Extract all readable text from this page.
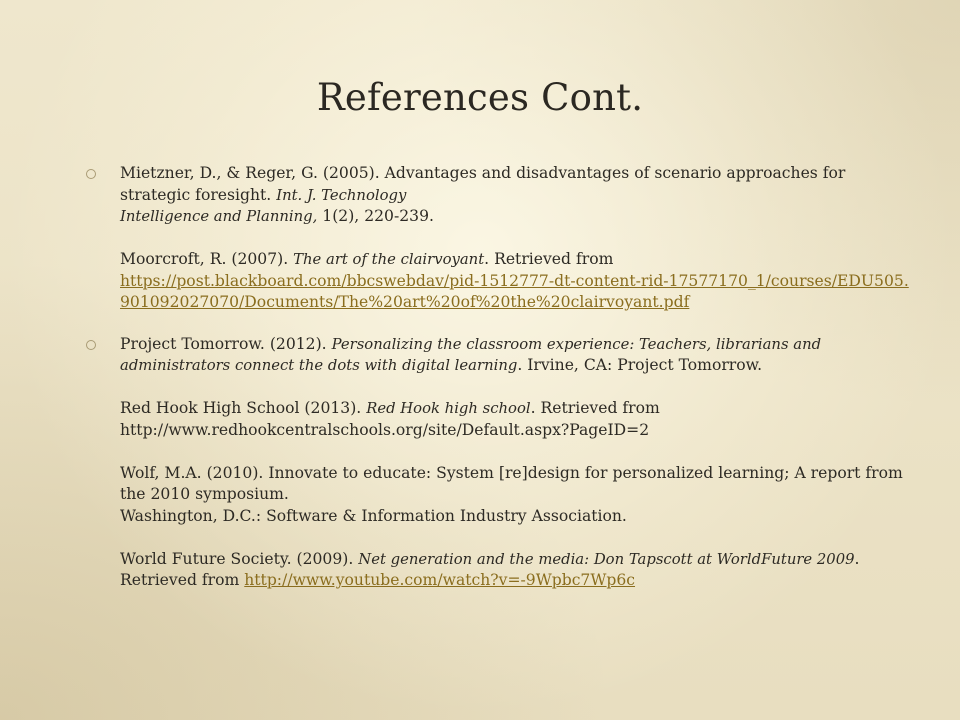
References Cont.
Mietzner, D., & Reger, G. (2005). Advantages and disadvantages of scenario approaches for strategic foresight. Int. J. Technology
Intelligence and Planning, 1(2), 220-239.
Moorcroft, R. (2007). The art of the clairvoyant. Retrieved from
https://post.blackboard.com/bbcswebdav/pid-1512777-dt-content-rid-17577170_1/courses/EDU505.901092027070/Documents/The%20art%20of%20the%20clairvoyant.pdf
Project Tomorrow. (2012). Personalizing the classroom experience: Teachers, librarians and administrators connect the dots with digital learning. Irvine, CA: Project Tomorrow.
Red Hook High School (2013). Red Hook high school. Retrieved from
http://www.redhookcentralschools.org/site/Default.aspx?PageID=2
Wolf, M.A. (2010). Innovate to educate: System [re]design for personalized learning; A report from the 2010 symposium.
Washington, D.C.: Software & Information Industry Association.
World Future Society. (2009). Net generation and the media: Don Tapscott at WorldFuture 2009.
Retrieved from http://www.youtube.com/watch?v=-9Wpbc7Wp6c
